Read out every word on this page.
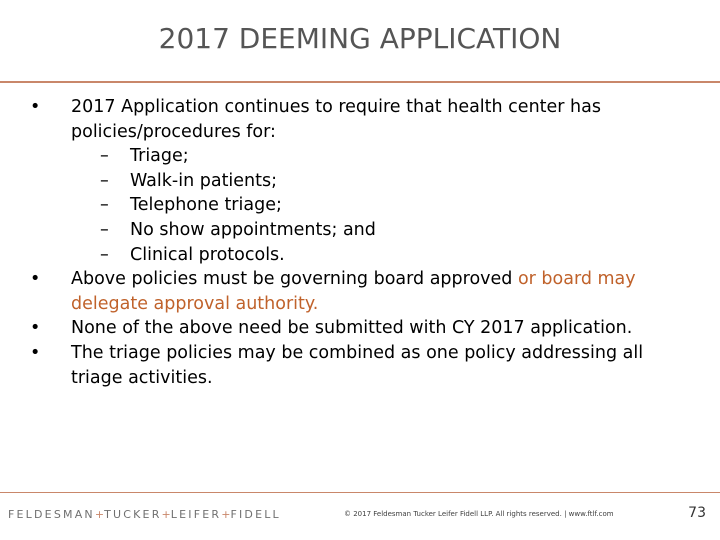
2017 DEEMING APPLICATION
• 2017 Application continues to require that health center has policies/procedures for:
– Triage;
– Walk-in patients;
– Telephone triage;
– No show appointments; and
– Clinical protocols.
• Above policies must be governing board approved or board may delegate approval authority.
• None of the above need be submitted with CY 2017 application.
• The triage policies may be combined as one policy addressing all triage activities.
FELDESMAN+TUCKER+LEIFER+FIDELL	© 2017 Feldesman Tucker Leifer Fidell LLP. All rights reserved. | www.ftlf.com	73
